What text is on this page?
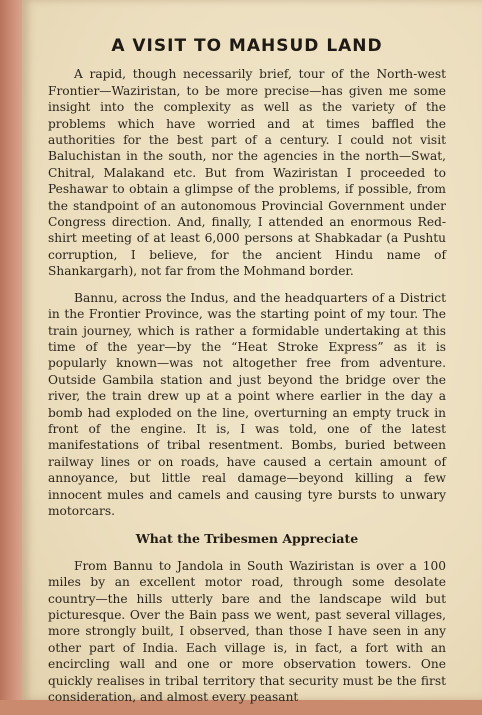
A VISIT TO MAHSUD LAND

A rapid, though necessarily brief, tour of the North-west Frontier—Waziristan, to be more precise—has given me some insight into the complexity as well as the variety of the problems which have worried and at times baffled the authorities for the best part of a century. I could not visit Baluchistan in the south, nor the agencies in the north—Swat, Chitral, Malakand etc. But from Waziristan I proceeded to Peshawar to obtain a glimpse of the problems, if possible, from the standpoint of an autonomous Provincial Government under Congress direction. And, finally, I attended an enormous Red-shirt meeting of at least 6,000 persons at Shabkadar (a Pushtu corruption, I believe, for the ancient Hindu name of Shankargarh), not far from the Mohmand border.

Bannu, across the Indus, and the headquarters of a District in the Frontier Province, was the starting point of my tour. The train journey, which is rather a formidable undertaking at this time of the year—by the “Heat Stroke Express” as it is popularly known—was not altogether free from adventure. Outside Gambila station and just beyond the bridge over the river, the train drew up at a point where earlier in the day a bomb had exploded on the line, overturning an empty truck in front of the engine. It is, I was told, one of the latest manifestations of tribal resentment. Bombs, buried between railway lines or on roads, have caused a certain amount of annoyance, but little real damage—beyond killing a few innocent mules and camels and causing tyre bursts to unwary motorcars.

What the Tribesmen Appreciate

From Bannu to Jandola in South Waziristan is over a 100 miles by an excellent motor road, through some desolate country—the hills utterly bare and the landscape wild but picturesque. Over the Bain pass we went, past several villages, more strongly built, I observed, than those I have seen in any other part of India. Each village is, in fact, a fort with an encircling wall and one or more observation towers. One quickly realises in tribal territory that security must be the first consideration, and almost every peasant
